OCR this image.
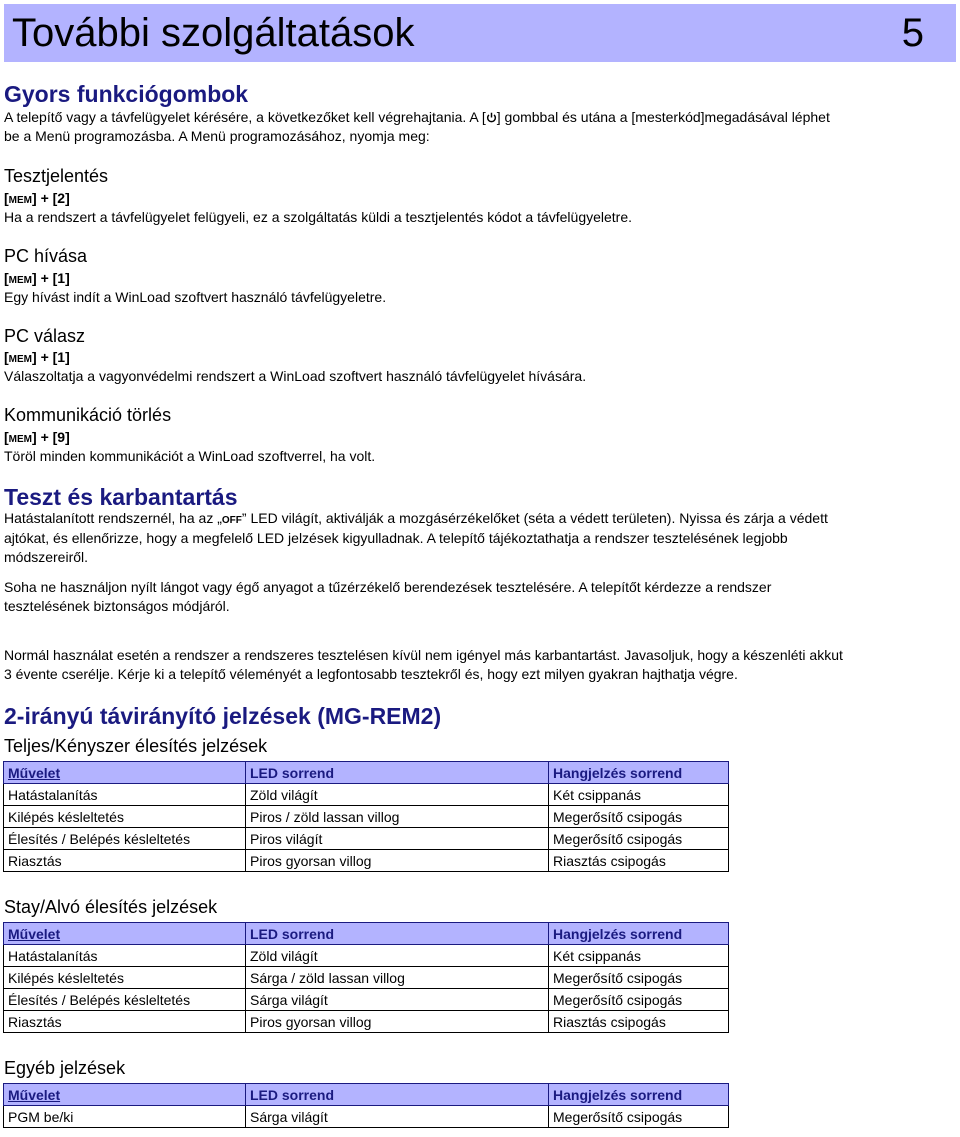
További szolgáltatások	5
Gyors funkciógombok
A telepítő vagy a távfelügyelet kérésére, a következőket kell végrehajtania. A [ ] gombbal és utána a [mesterkód]megadásával léphet
be a Menü programozásba. A Menü programozásához, nyomja meg:
Tesztjelentés
[MEM] + [2]
Ha a rendszert a távfelügyelet felügyeli, ez a szolgáltatás küldi a tesztjelentés kódot a távfelügyeletre.
PC hívása
[MEM] + [1]
Egy hívást indít a WinLoad szoftvert használó távfelügyeletre.
PC válasz
[MEM] + [1]
Válaszoltatja a vagyonvédelmi rendszert a WinLoad szoftvert használó távfelügyelet hívására.
Kommunikáció törlés
[MEM] + [9]
Töröl minden kommunikációt a WinLoad szoftverrel, ha volt.
Teszt és karbantartás
Hatástalanított rendszernél, ha az „OFF” LED világít, aktiválják a mozgásérzékelőket (séta a védett területen). Nyissa és zárja a védett
ajtókat, és ellenőrizze, hogy a megfelelő LED jelzések kigyulladnak. A telepítő tájékoztathatja a rendszer tesztelésének legjobb
módszereiről.
Soha ne használjon nyílt lángot vagy égő anyagot a tűzérzékelő berendezések tesztelésére. A telepítőt kérdezze a rendszer
tesztelésének biztonságos módjáról.
Normál használat esetén a rendszer a rendszeres tesztelésen kívül nem igényel más karbantartást. Javasoljuk, hogy a készenléti akkut
3 évente cserélje. Kérje ki a telepítő véleményét a legfontosabb tesztekről és, hogy ezt milyen gyakran hajthatja végre.
2-irányú távirányító jelzések (MG-REM2)
Teljes/Kényszer élesítés jelzések
Művelet	LED sorrend	Hangjelzés sorrend
Hatástalanítás	Zöld világít	Két csippanás
Kilépés késleltetés	Piros / zöld lassan villog	Megerősítő csipogás
Élesítés / Belépés késleltetés	Piros világít	Megerősítő csipogás
Riasztás	Piros gyorsan villog	Riasztás csipogás
Stay/Alvó élesítés jelzések
Művelet	LED sorrend	Hangjelzés sorrend
Hatástalanítás	Zöld világít	Két csippanás
Kilépés késleltetés	Sárga / zöld lassan villog	Megerősítő csipogás
Élesítés / Belépés késleltetés	Sárga világít	Megerősítő csipogás
Riasztás	Piros gyorsan villog	Riasztás csipogás
Egyéb jelzések
Művelet	LED sorrend	Hangjelzés sorrend
PGM be/ki	Sárga világít	Megerősítő csipogás
